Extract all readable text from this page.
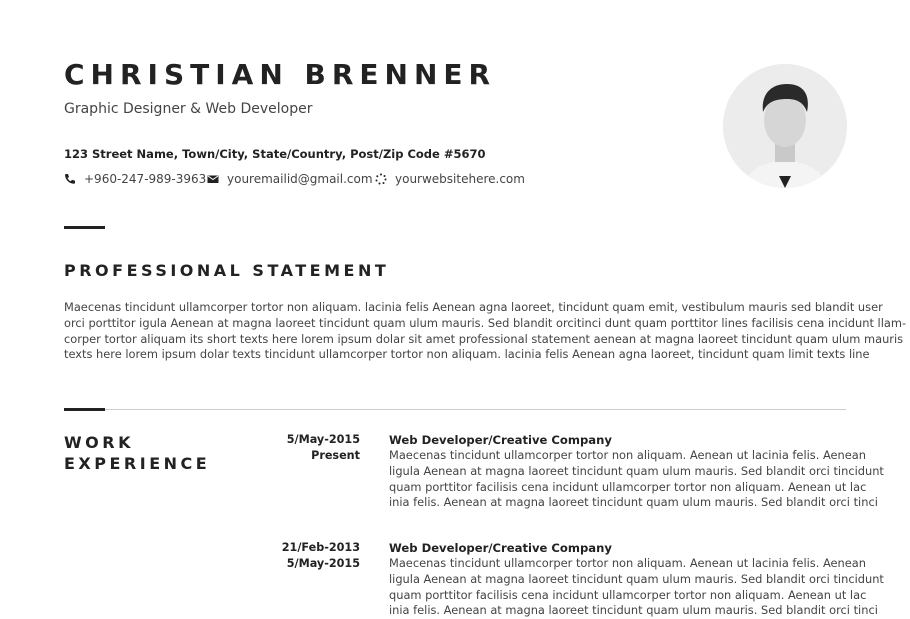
CHRISTIAN BRENNER
Graphic Designer & Web Developer
123 Street Name, Town/City, State/Country, Post/Zip Code #5670
+960-247-989-3963 youremailid@gmail.com yourwebsitehere.com
PROFESSIONAL STATEMENT
Maecenas tincidunt ullamcorper tortor non aliquam. lacinia felis Aenean agna laoreet, tincidunt quam emit, vestibulum mauris sed blandit user
orci porttitor igula Aenean at magna laoreet tincidunt quam ulum mauris. Sed blandit orcitinci dunt quam porttitor lines facilisis cena incidunt llam-
corper tortor aliquam its short texts here lorem ipsum dolar sit amet professional statement aenean at magna laoreet tincidunt quam ulum mauris
texts here lorem ipsum dolar texts tincidunt ullamcorper tortor non aliquam. lacinia felis Aenean agna laoreet, tincidunt quam limit texts line
WORK
EXPERIENCE
5/May-2015
Present
Web Developer/Creative Company
Maecenas tincidunt ullamcorper tortor non aliquam. Aenean ut lacinia felis. Aenean
ligula Aenean at magna laoreet tincidunt quam ulum mauris. Sed blandit orci tincidunt
quam porttitor facilisis cena incidunt ullamcorper tortor non aliquam. Aenean ut lac
inia felis. Aenean at magna laoreet tincidunt quam ulum mauris. Sed blandit orci tinci
21/Feb-2013
5/May-2015
Web Developer/Creative Company
Maecenas tincidunt ullamcorper tortor non aliquam. Aenean ut lacinia felis. Aenean
ligula Aenean at magna laoreet tincidunt quam ulum mauris. Sed blandit orci tincidunt
quam porttitor facilisis cena incidunt ullamcorper tortor non aliquam. Aenean ut lac
inia felis. Aenean at magna laoreet tincidunt quam ulum mauris. Sed blandit orci tinci
